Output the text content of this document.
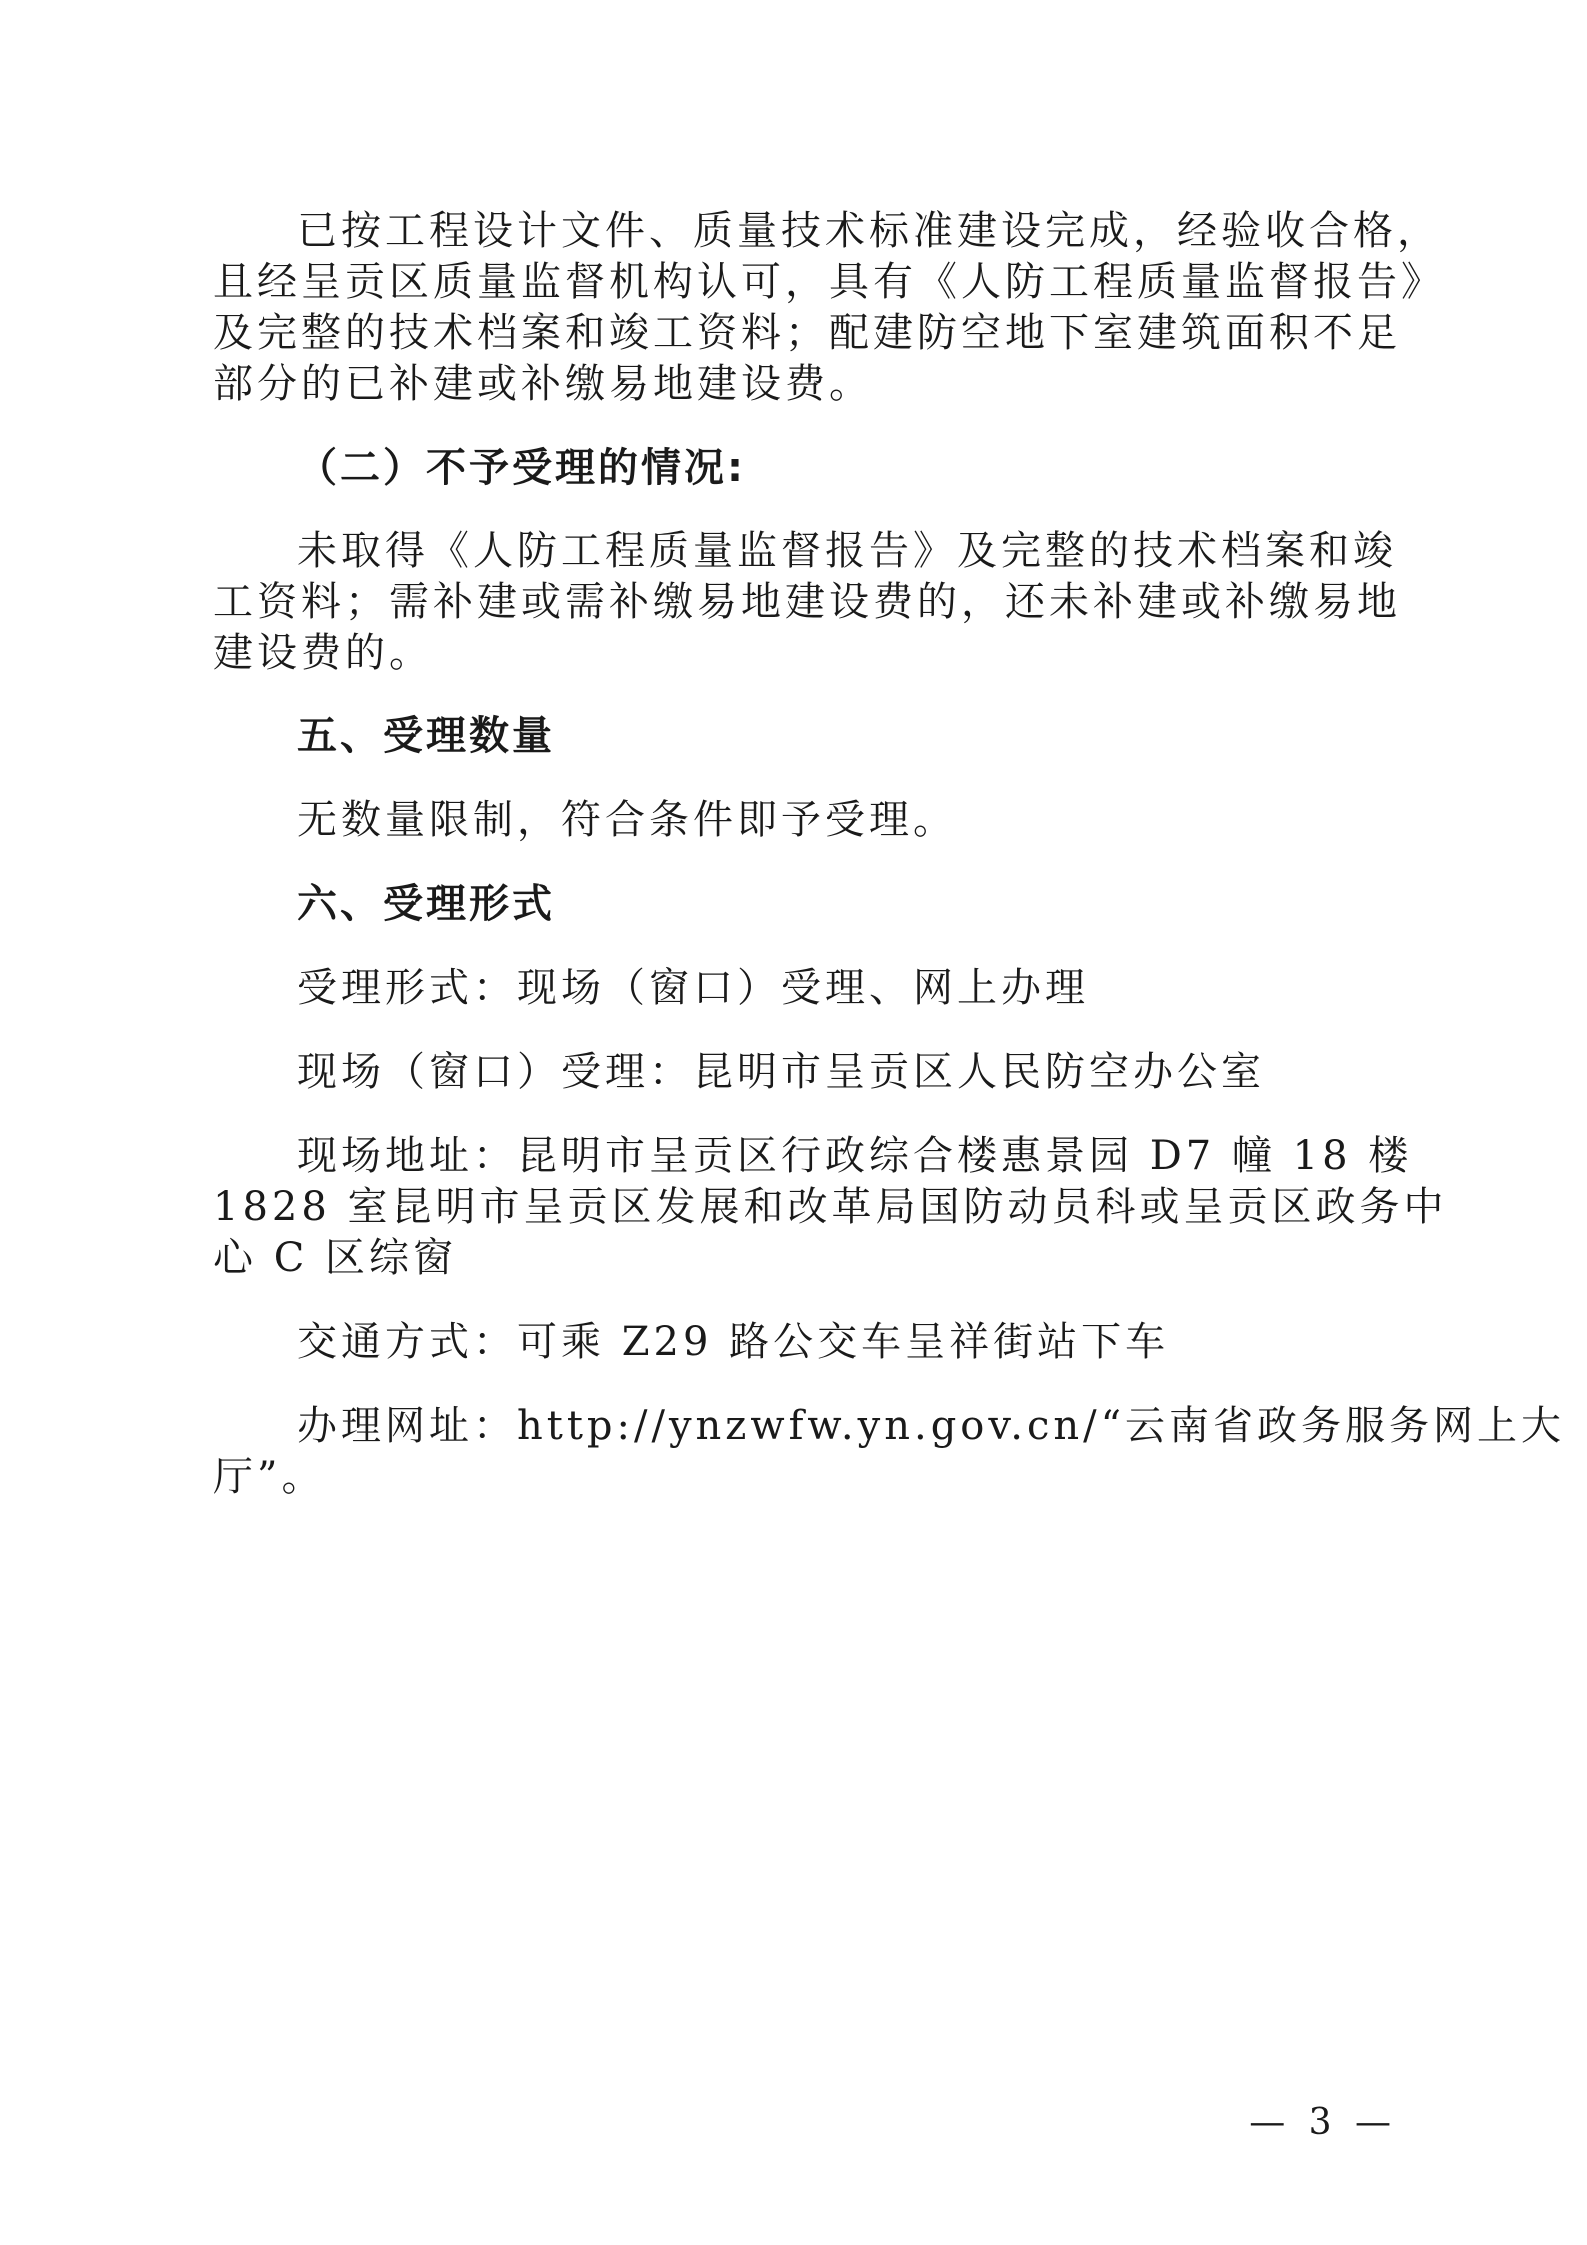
已按工程设计文件、质量技术标准建设完成，经验收合格，
且经呈贡区质量监督机构认可，具有《人防工程质量监督报告》
及完整的技术档案和竣工资料；配建防空地下室建筑面积不足
部分的已补建或补缴易地建设费。
（二）不予受理的情况:
未取得《人防工程质量监督报告》及完整的技术档案和竣
工资料；需补建或需补缴易地建设费的，还未补建或补缴易地
建设费的。
五、受理数量
无数量限制，符合条件即予受理。
六、受理形式
受理形式：现场（窗口）受理、网上办理
现场（窗口）受理：昆明市呈贡区人民防空办公室
现场地址：昆明市呈贡区行政综合楼惠景园 D7 幢 18 楼
1828 室昆明市呈贡区发展和改革局国防动员科或呈贡区政务中
心 C 区综窗
交通方式：可乘 Z29 路公交车呈祥街站下车
办理网址：http://ynzwfw.yn.gov.cn/“云南省政务服务网上大
厅”。
— 3 —
